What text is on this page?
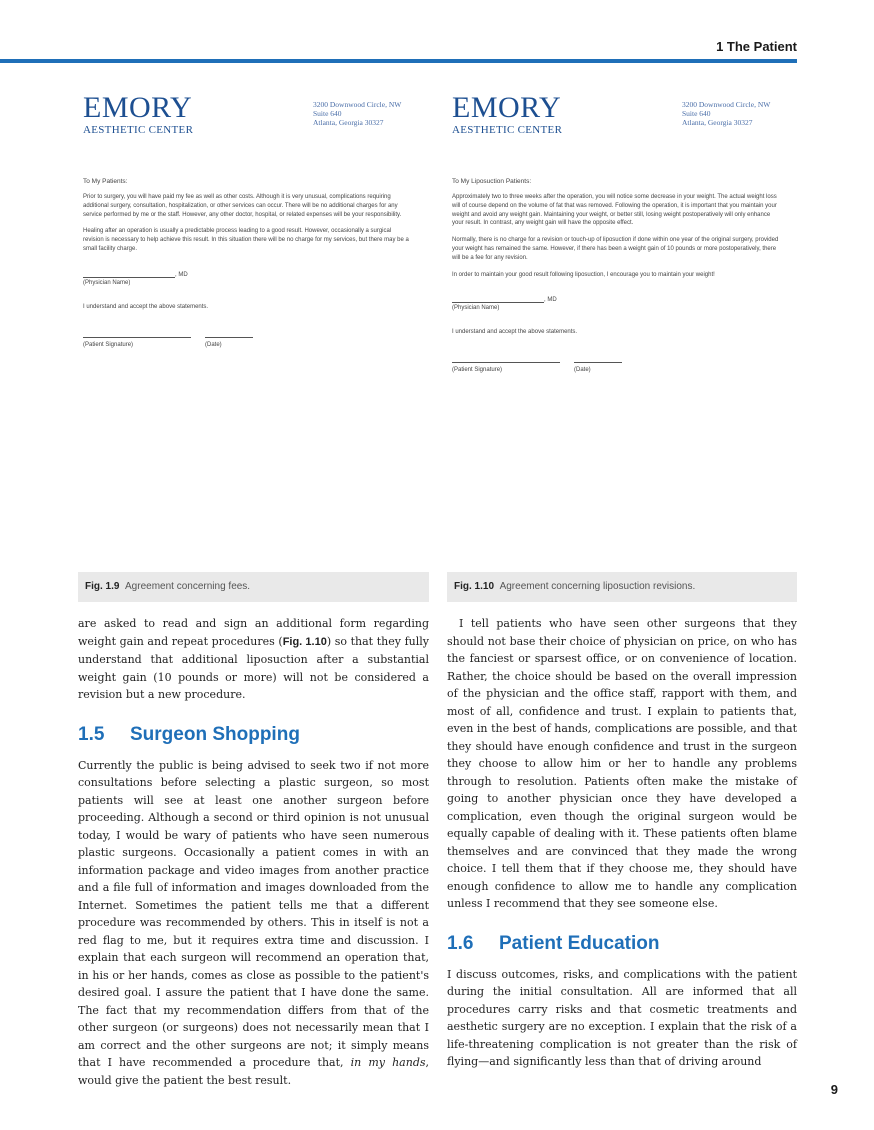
1 The Patient
EMORY
AESTHETIC CENTER
3200 Downwood Circle, NW
Suite 640
Atlanta, Georgia 30327
To My Patients:
Prior to surgery, you will have paid my fee as well as other costs. Although it is very unusual, complications requiring additional surgery, consultation, hospitalization, or other services can occur. There will be no additional charges for any service performed by me or the staff. However, any other doctor, hospital, or related expenses will be your responsibility.
Healing after an operation is usually a predictable process leading to a good result. However, occasionally a surgical revision is necessary to help achieve this result. In this situation there will be no charge for my services, but there may be a small facility charge.
, MD
(Physician Name)
I understand and accept the above statements.
(Patient Signature)	(Date)
EMORY
AESTHETIC CENTER
3200 Downwood Circle, NW
Suite 640
Atlanta, Georgia 30327
To My Liposuction Patients:
Approximately two to three weeks after the operation, you will notice some decrease in your weight. The actual weight loss will of course depend on the volume of fat that was removed. Following the operation, it is important that you maintain your weight and avoid any weight gain. Maintaining your weight, or better still, losing weight postoperatively will only enhance your result. In contrast, any weight gain will have the opposite effect.
Normally, there is no charge for a revision or touch-up of liposuction if done within one year of the original surgery, provided your weight has remained the same. However, if there has been a weight gain of 10 pounds or more postoperatively, there will be a fee for any revision.
In order to maintain your good result following liposuction, I encourage you to maintain your weight!
, MD
(Physician Name)
I understand and accept the above statements.
(Patient Signature)	(Date)
Fig. 1.9 Agreement concerning fees.	Fig. 1.10 Agreement concerning liposuction revisions.

are asked to read and sign an additional form regarding weight gain and repeat procedures (Fig. 1.10) so that they fully understand that additional liposuction after a substantial weight gain (10 pounds or more) will not be considered a revision but a new procedure.

1.5 Surgeon Shopping

Currently the public is being advised to seek two if not more consultations before selecting a plastic surgeon, so most patients will see at least one another surgeon before proceeding. Although a second or third opinion is not unusual today, I would be wary of patients who have seen numerous plastic surgeons. Occasionally a patient comes in with an information package and video images from another practice and a file full of information and images downloaded from the Internet. Sometimes the patient tells me that a different procedure was recommended by others. This in itself is not a red flag to me, but it requires extra time and discussion. I explain that each surgeon will recommend an operation that, in his or her hands, comes as close as possible to the patient's desired goal. I assure the patient that I have done the same. The fact that my recommendation differs from that of the other surgeon (or surgeons) does not necessarily mean that I am correct and the other surgeons are not; it simply means that I have recommended a procedure that, in my hands, would give the patient the best result.

I tell patients who have seen other surgeons that they should not base their choice of physician on price, on who has the fanciest or sparsest office, or on convenience of location. Rather, the choice should be based on the overall impression of the physician and the office staff, rapport with them, and most of all, confidence and trust. I explain to patients that, even in the best of hands, complications are possible, and that they should have enough confidence and trust in the surgeon they choose to allow him or her to handle any problems through to resolution. Patients often make the mistake of going to another physician once they have developed a complication, even though the original surgeon would be equally capable of dealing with it. These patients often blame themselves and are convinced that they made the wrong choice. I tell them that if they choose me, they should have enough confidence to allow me to handle any complication unless I recommend that they see someone else.

1.6 Patient Education

I discuss outcomes, risks, and complications with the patient during the initial consultation. All are informed that all procedures carry risks and that cosmetic treatments and aesthetic surgery are no exception. I explain that the risk of a life-threatening complication is not greater than the risk of flying—and significantly less than that of driving around

9
